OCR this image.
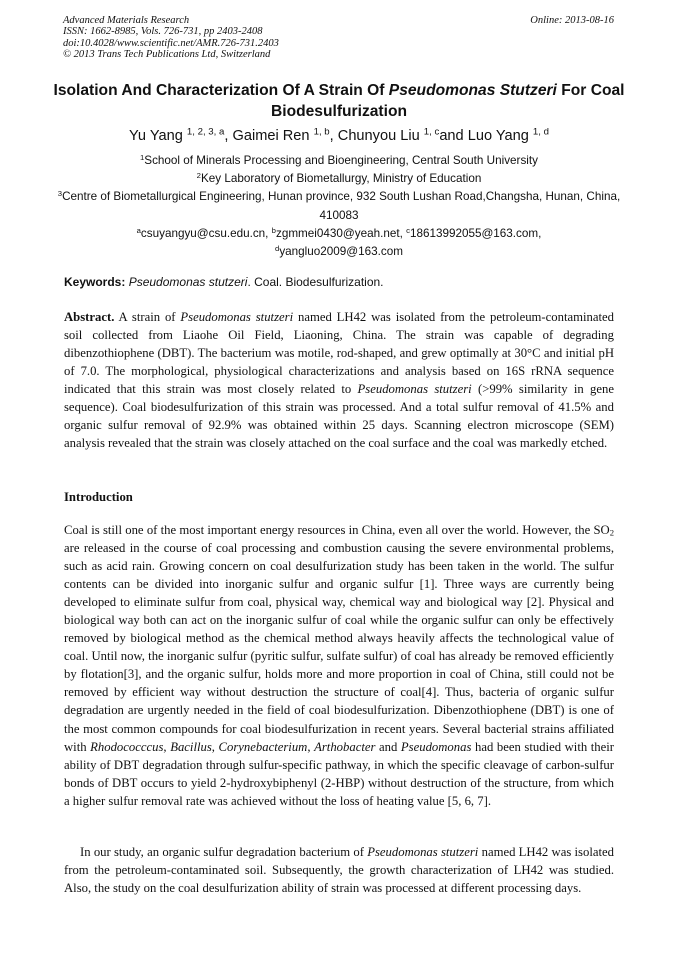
Advanced Materials Research
ISSN: 1662-8985, Vols. 726-731, pp 2403-2408
doi:10.4028/www.scientific.net/AMR.726-731.2403
© 2013 Trans Tech Publications Ltd, Switzerland
Online: 2013-08-16
Isolation And Characterization Of A Strain Of Pseudomonas Stutzeri For Coal Biodesulfurization
Yu Yang $^{1, 2, 3, a}$, Gaimei Ren $^{1, b}$, Chunyou Liu $^{1, c}$and Luo Yang $^{1, d}$
$^1$School of Minerals Processing and Bioengineering, Central South University
$^2$Key Laboratory of Biometallurgy, Ministry of Education
$^3$Centre of Biometallurgical Engineering, Hunan province, 932 South Lushan Road,Changsha, Hunan, China, 410083
$^a$csuyangyu@csu.edu.cn, $^b$zgmmei0430@yeah.net, $^c$18613992055@163.com,
$^d$yangluo2009@163.com
Keywords: Pseudomonas stutzeri. Coal. Biodesulfurization.
Abstract. A strain of Pseudomonas stutzeri named LH42 was isolated from the petroleum-contaminated soil collected from Liaohe Oil Field, Liaoning, China. The strain was capable of degrading dibenzothiophene (DBT). The bacterium was motile, rod-shaped, and grew optimally at 30°C and initial pH of 7.0. The morphological, physiological characterizations and analysis based on 16S rRNA sequence indicated that this strain was most closely related to Pseudomonas stutzeri (>99% similarity in gene sequence). Coal biodesulfurization of this strain was processed. And a total sulfur removal of 41.5% and organic sulfur removal of 92.9% was obtained within 25 days. Scanning electron microscope (SEM) analysis revealed that the strain was closely attached on the coal surface and the coal was markedly etched.
Introduction
Coal is still one of the most important energy resources in China, even all over the world. However, the $SO_2$ are released in the course of coal processing and combustion causing the severe environmental problems, such as acid rain. Growing concern on coal desulfurization study has been taken in the world. The sulfur contents can be divided into inorganic sulfur and organic sulfur [1]. Three ways are currently being developed to eliminate sulfur from coal, physical way, chemical way and biological way [2]. Physical and biological way both can act on the inorganic sulfur of coal while the organic sulfur can only be effectively removed by biological method as the chemical method always heavily affects the technological value of coal. Until now, the inorganic sulfur (pyritic sulfur, sulfate sulfur) of coal has already be removed efficiently by flotation[3], and the organic sulfur, holds more and more proportion in coal of China, still could not be removed by efficient way without destruction the structure of coal[4]. Thus, bacteria of organic sulfur degradation are urgently needed in the field of coal biodesulfurization. Dibenzothiophene (DBT) is one of the most common compounds for coal biodesulfurization in recent years. Several bacterial strains affiliated with Rhodococccus, Bacillus, Corynebacterium, Arthobacter and Pseudomonas had been studied with their ability of DBT degradation through sulfur-specific pathway, in which the specific cleavage of carbon-sulfur bonds of DBT occurs to yield 2-hydroxybiphenyl (2-HBP) without destruction of the structure, from which a higher sulfur removal rate was achieved without the loss of heating value [5, 6, 7].
In our study, an organic sulfur degradation bacterium of Pseudomonas stutzeri named LH42 was isolated from the petroleum-contaminated soil. Subsequently, the growth characterization of LH42 was studied. Also, the study on the coal desulfurization ability of strain was processed at different processing days.
